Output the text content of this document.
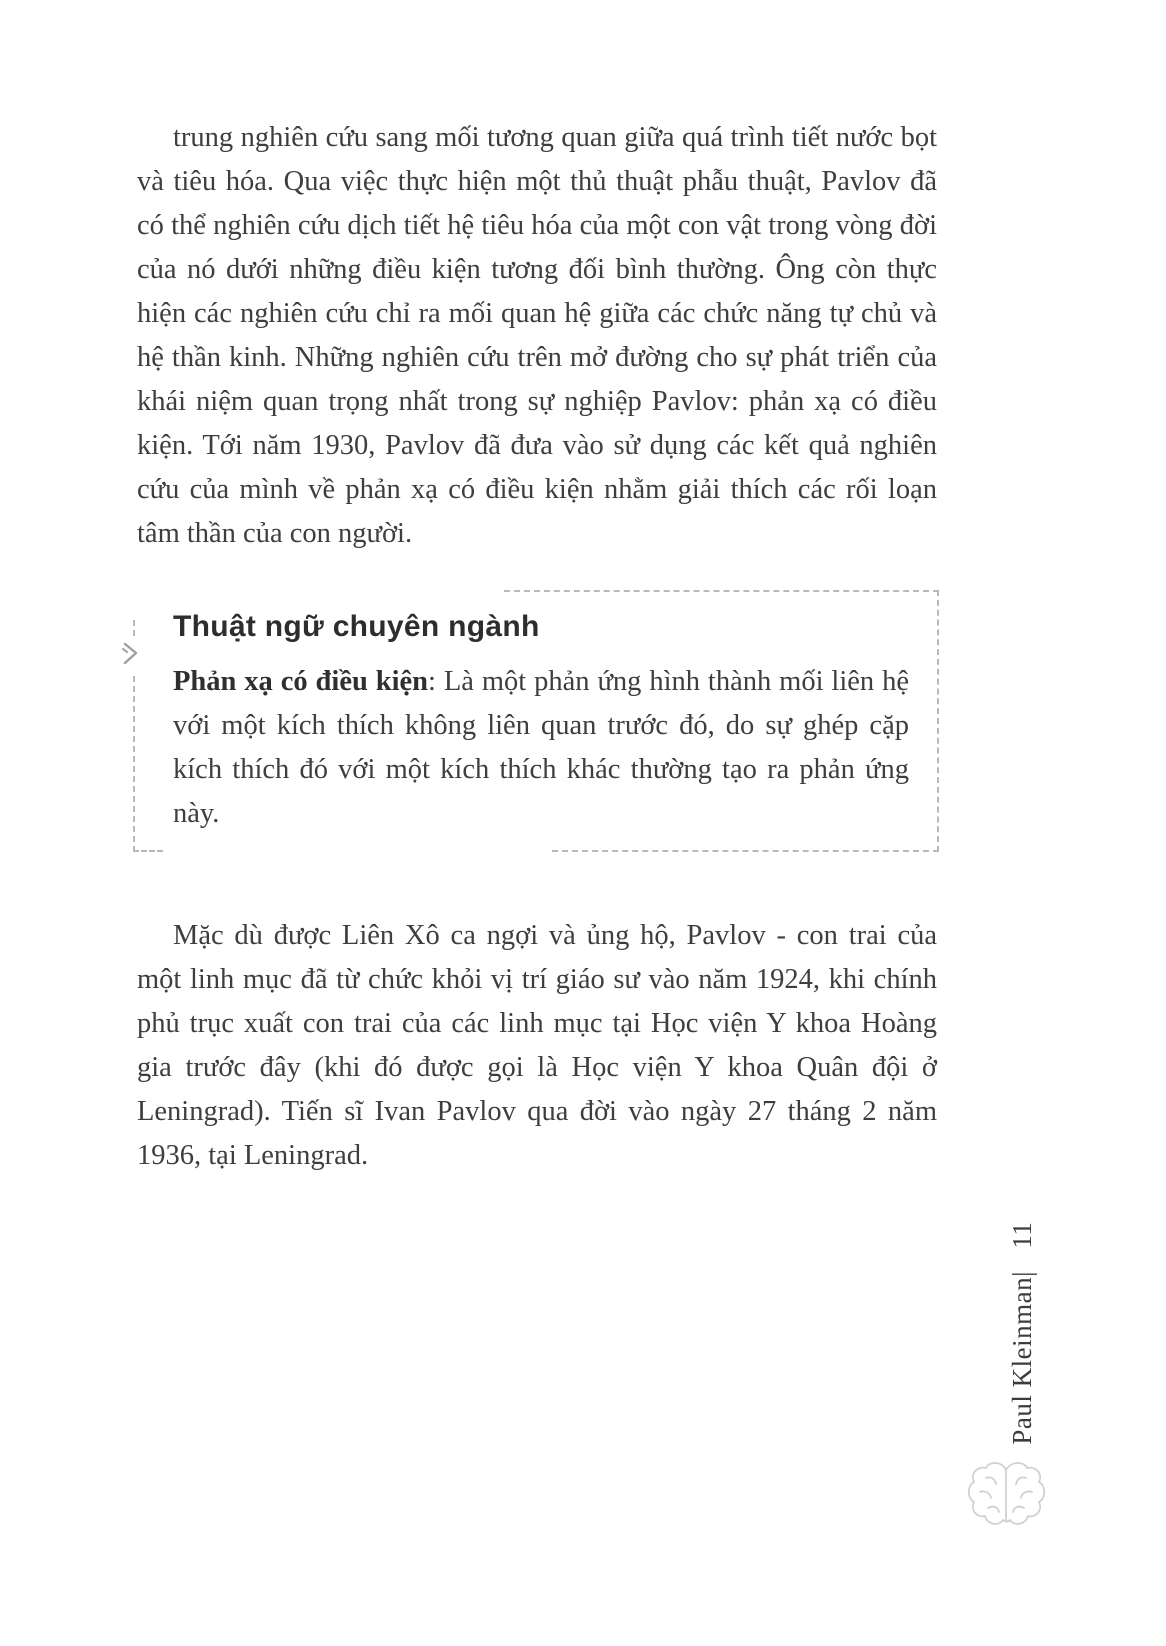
trung nghiên cứu sang mối tương quan giữa quá trình tiết nước bọt và tiêu hóa. Qua việc thực hiện một thủ thuật phẫu thuật, Pavlov đã có thể nghiên cứu dịch tiết hệ tiêu hóa của một con vật trong vòng đời của nó dưới những điều kiện tương đối bình thường. Ông còn thực hiện các nghiên cứu chỉ ra mối quan hệ giữa các chức năng tự chủ và hệ thần kinh. Những nghiên cứu trên mở đường cho sự phát triển của khái niệm quan trọng nhất trong sự nghiệp Pavlov: phản xạ có điều kiện. Tới năm 1930, Pavlov đã đưa vào sử dụng các kết quả nghiên cứu của mình về phản xạ có điều kiện nhằm giải thích các rối loạn tâm thần của con người.

Thuật ngữ chuyên ngành

Phản xạ có điều kiện: Là một phản ứng hình thành mối liên hệ với một kích thích không liên quan trước đó, do sự ghép cặp kích thích đó với một kích thích khác thường tạo ra phản ứng này.

Mặc dù được Liên Xô ca ngợi và ủng hộ, Pavlov - con trai của một linh mục đã từ chức khỏi vị trí giáo sư vào năm 1924, khi chính phủ trục xuất con trai của các linh mục tại Học viện Y khoa Hoàng gia trước đây (khi đó được gọi là Học viện Y khoa Quân đội ở Leningrad). Tiến sĩ Ivan Pavlov qua đời vào ngày 27 tháng 2 năm 1936, tại Leningrad.

Paul Kleinman|11
